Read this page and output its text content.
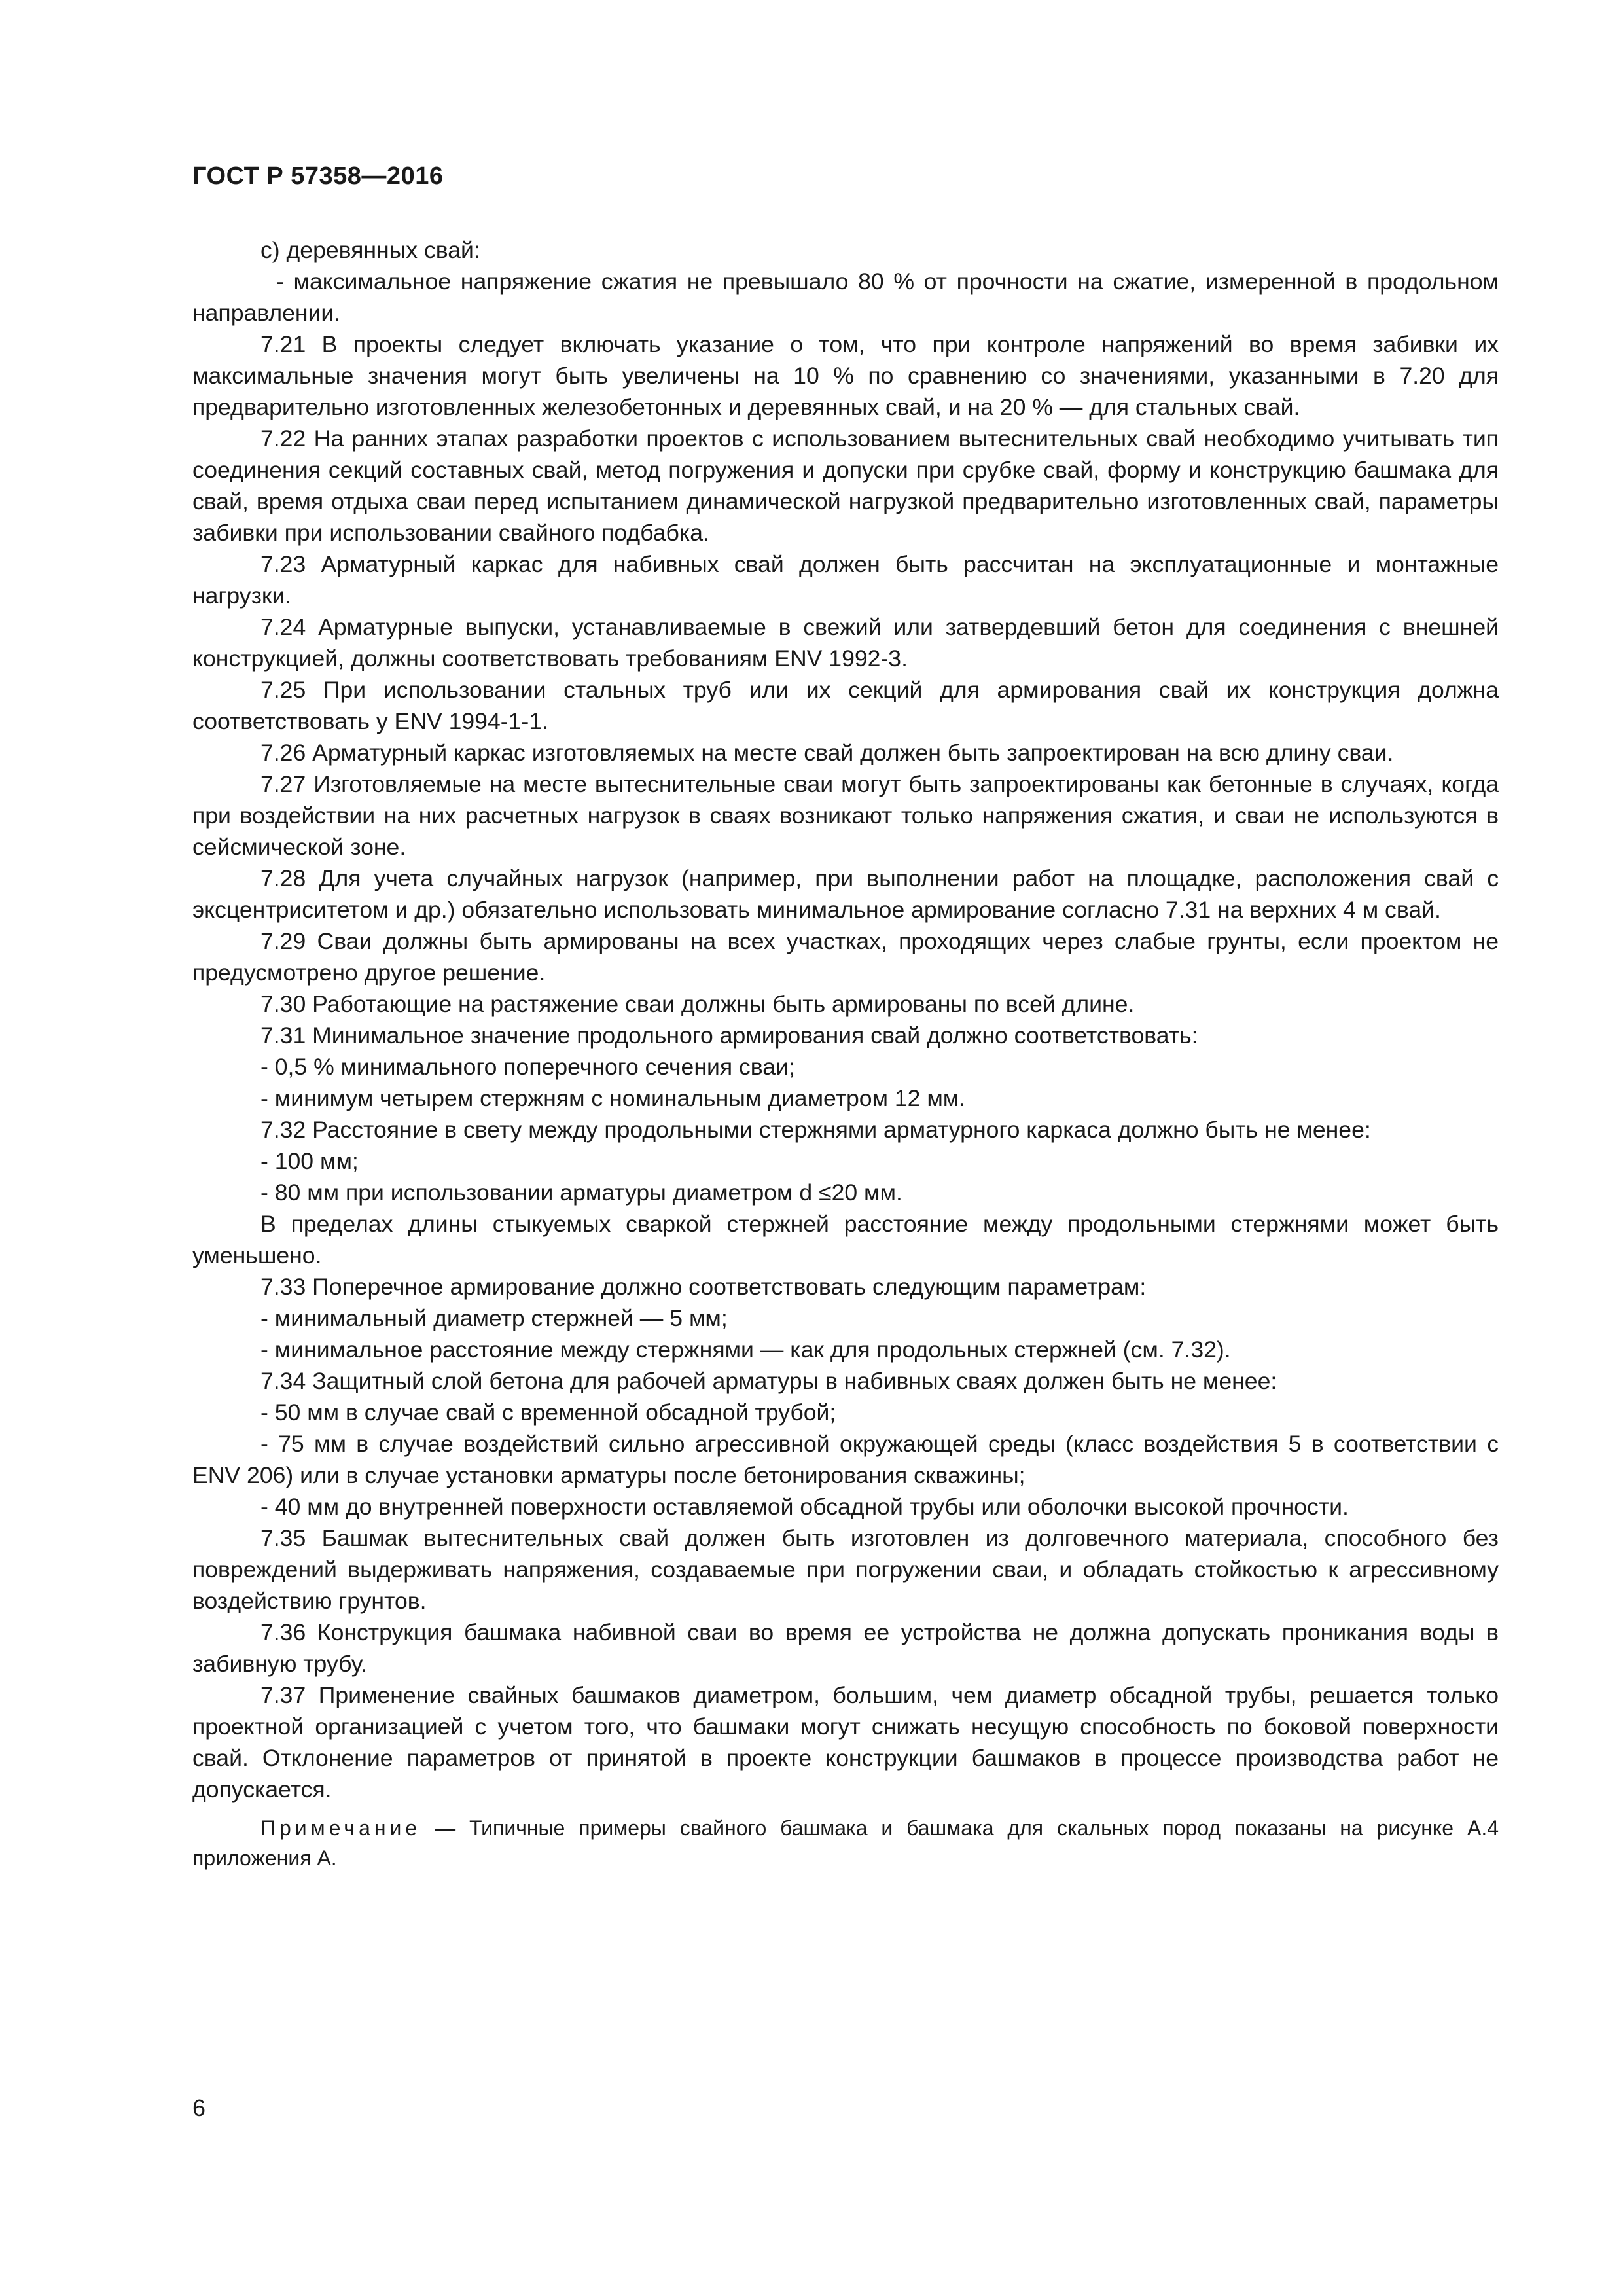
ГОСТ Р 57358—2016

c) деревянных свай:

- максимальное напряжение сжатия не превышало 80 % от прочности на сжатие, измеренной в продольном направлении.

7.21 В проекты следует включать указание о том, что при контроле напряжений во время забивки их максимальные значения могут быть увеличены на 10 % по сравнению со значениями, указанными в 7.20 для предварительно изготовленных железобетонных и деревянных свай, и на 20 % — для стальных свай.

7.22 На ранних этапах разработки проектов с использованием вытеснительных свай необходимо учитывать тип соединения секций составных свай, метод погружения и допуски при срубке свай, форму и конструкцию башмака для свай, время отдыха сваи перед испытанием динамической нагрузкой предварительно изготовленных свай, параметры забивки при использовании свайного подбабка.

7.23 Арматурный каркас для набивных свай должен быть рассчитан на эксплуатационные и монтажные нагрузки.

7.24 Арматурные выпуски, устанавливаемые в свежий или затвердевший бетон для соединения с внешней конструкцией, должны соответствовать требованиям ENV 1992-3.

7.25 При использовании стальных труб или их секций для армирования свай их конструкция должна соответствовать у ENV 1994-1-1.

7.26 Арматурный каркас изготовляемых на месте свай должен быть запроектирован на всю длину сваи.

7.27 Изготовляемые на месте вытеснительные сваи могут быть запроектированы как бетонные в случаях, когда при воздействии на них расчетных нагрузок в сваях возникают только напряжения сжатия, и сваи не используются в сейсмической зоне.

7.28 Для учета случайных нагрузок (например, при выполнении работ на площадке, расположения свай с эксцентриситетом и др.) обязательно использовать минимальное армирование согласно 7.31 на верхних 4 м свай.

7.29 Сваи должны быть армированы на всех участках, проходящих через слабые грунты, если проектом не предусмотрено другое решение.

7.30 Работающие на растяжение сваи должны быть армированы по всей длине.

7.31 Минимальное значение продольного армирования свай должно соответствовать:

- 0,5 % минимального поперечного сечения сваи;

- минимум четырем стержням с номинальным диаметром 12 мм.

7.32 Расстояние в свету между продольными стержнями арматурного каркаса должно быть не менее:

- 100 мм;

- 80 мм при использовании арматуры диаметром d ≤20 мм.

В пределах длины стыкуемых сваркой стержней расстояние между продольными стержнями может быть уменьшено.

7.33 Поперечное армирование должно соответствовать следующим параметрам:

- минимальный диаметр стержней — 5 мм;

- минимальное расстояние между стержнями — как для продольных стержней (см. 7.32).

7.34 Защитный слой бетона для рабочей арматуры в набивных сваях должен быть не менее:

- 50 мм в случае свай с временной обсадной трубой;

- 75 мм в случае воздействий сильно агрессивной окружающей среды (класс воздействия 5 в соответствии с ENV 206) или в случае установки арматуры после бетонирования скважины;

- 40 мм до внутренней поверхности оставляемой обсадной трубы или оболочки высокой прочности.

7.35 Башмак вытеснительных свай должен быть изготовлен из долговечного материала, способного без повреждений выдерживать напряжения, создаваемые при погружении сваи, и обладать стойкостью к агрессивному воздействию грунтов.

7.36 Конструкция башмака набивной сваи во время ее устройства не должна допускать проникания воды в забивную трубу.

7.37 Применение свайных башмаков диаметром, большим, чем диаметр обсадной трубы, решается только проектной организацией с учетом того, что башмаки могут снижать несущую способность по боковой поверхности свай. Отклонение параметров от принятой в проекте конструкции башмаков в процессе производства работ не допускается.

Примечание — Типичные примеры свайного башмака и башмака для скальных пород показаны на рисунке А.4 приложения А.

6
